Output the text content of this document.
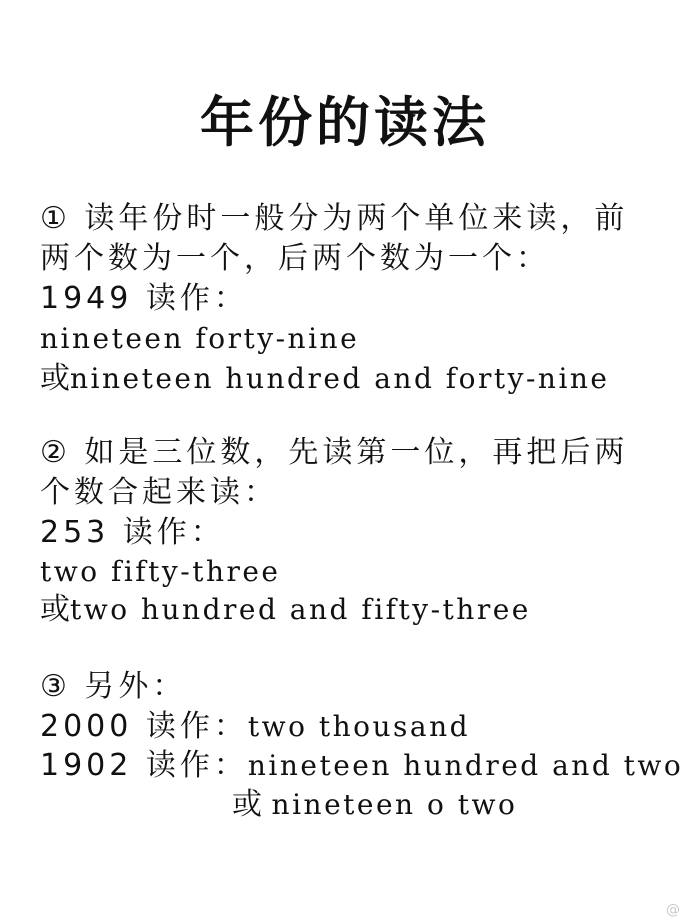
年份的读法
① 读年份时一般分为两个单位来读，前
两个数为一个，后两个数为一个：
1949 读作：
nineteen forty-nine
或nineteen hundred and forty-nine
② 如是三位数，先读第一位，再把后两
个数合起来读：
253 读作：
two fifty-three
或two hundred and fifty-three
③ 另外：
2000 读作：two thousand
1902 读作：nineteen hundred and two
或 nineteen o two
@
